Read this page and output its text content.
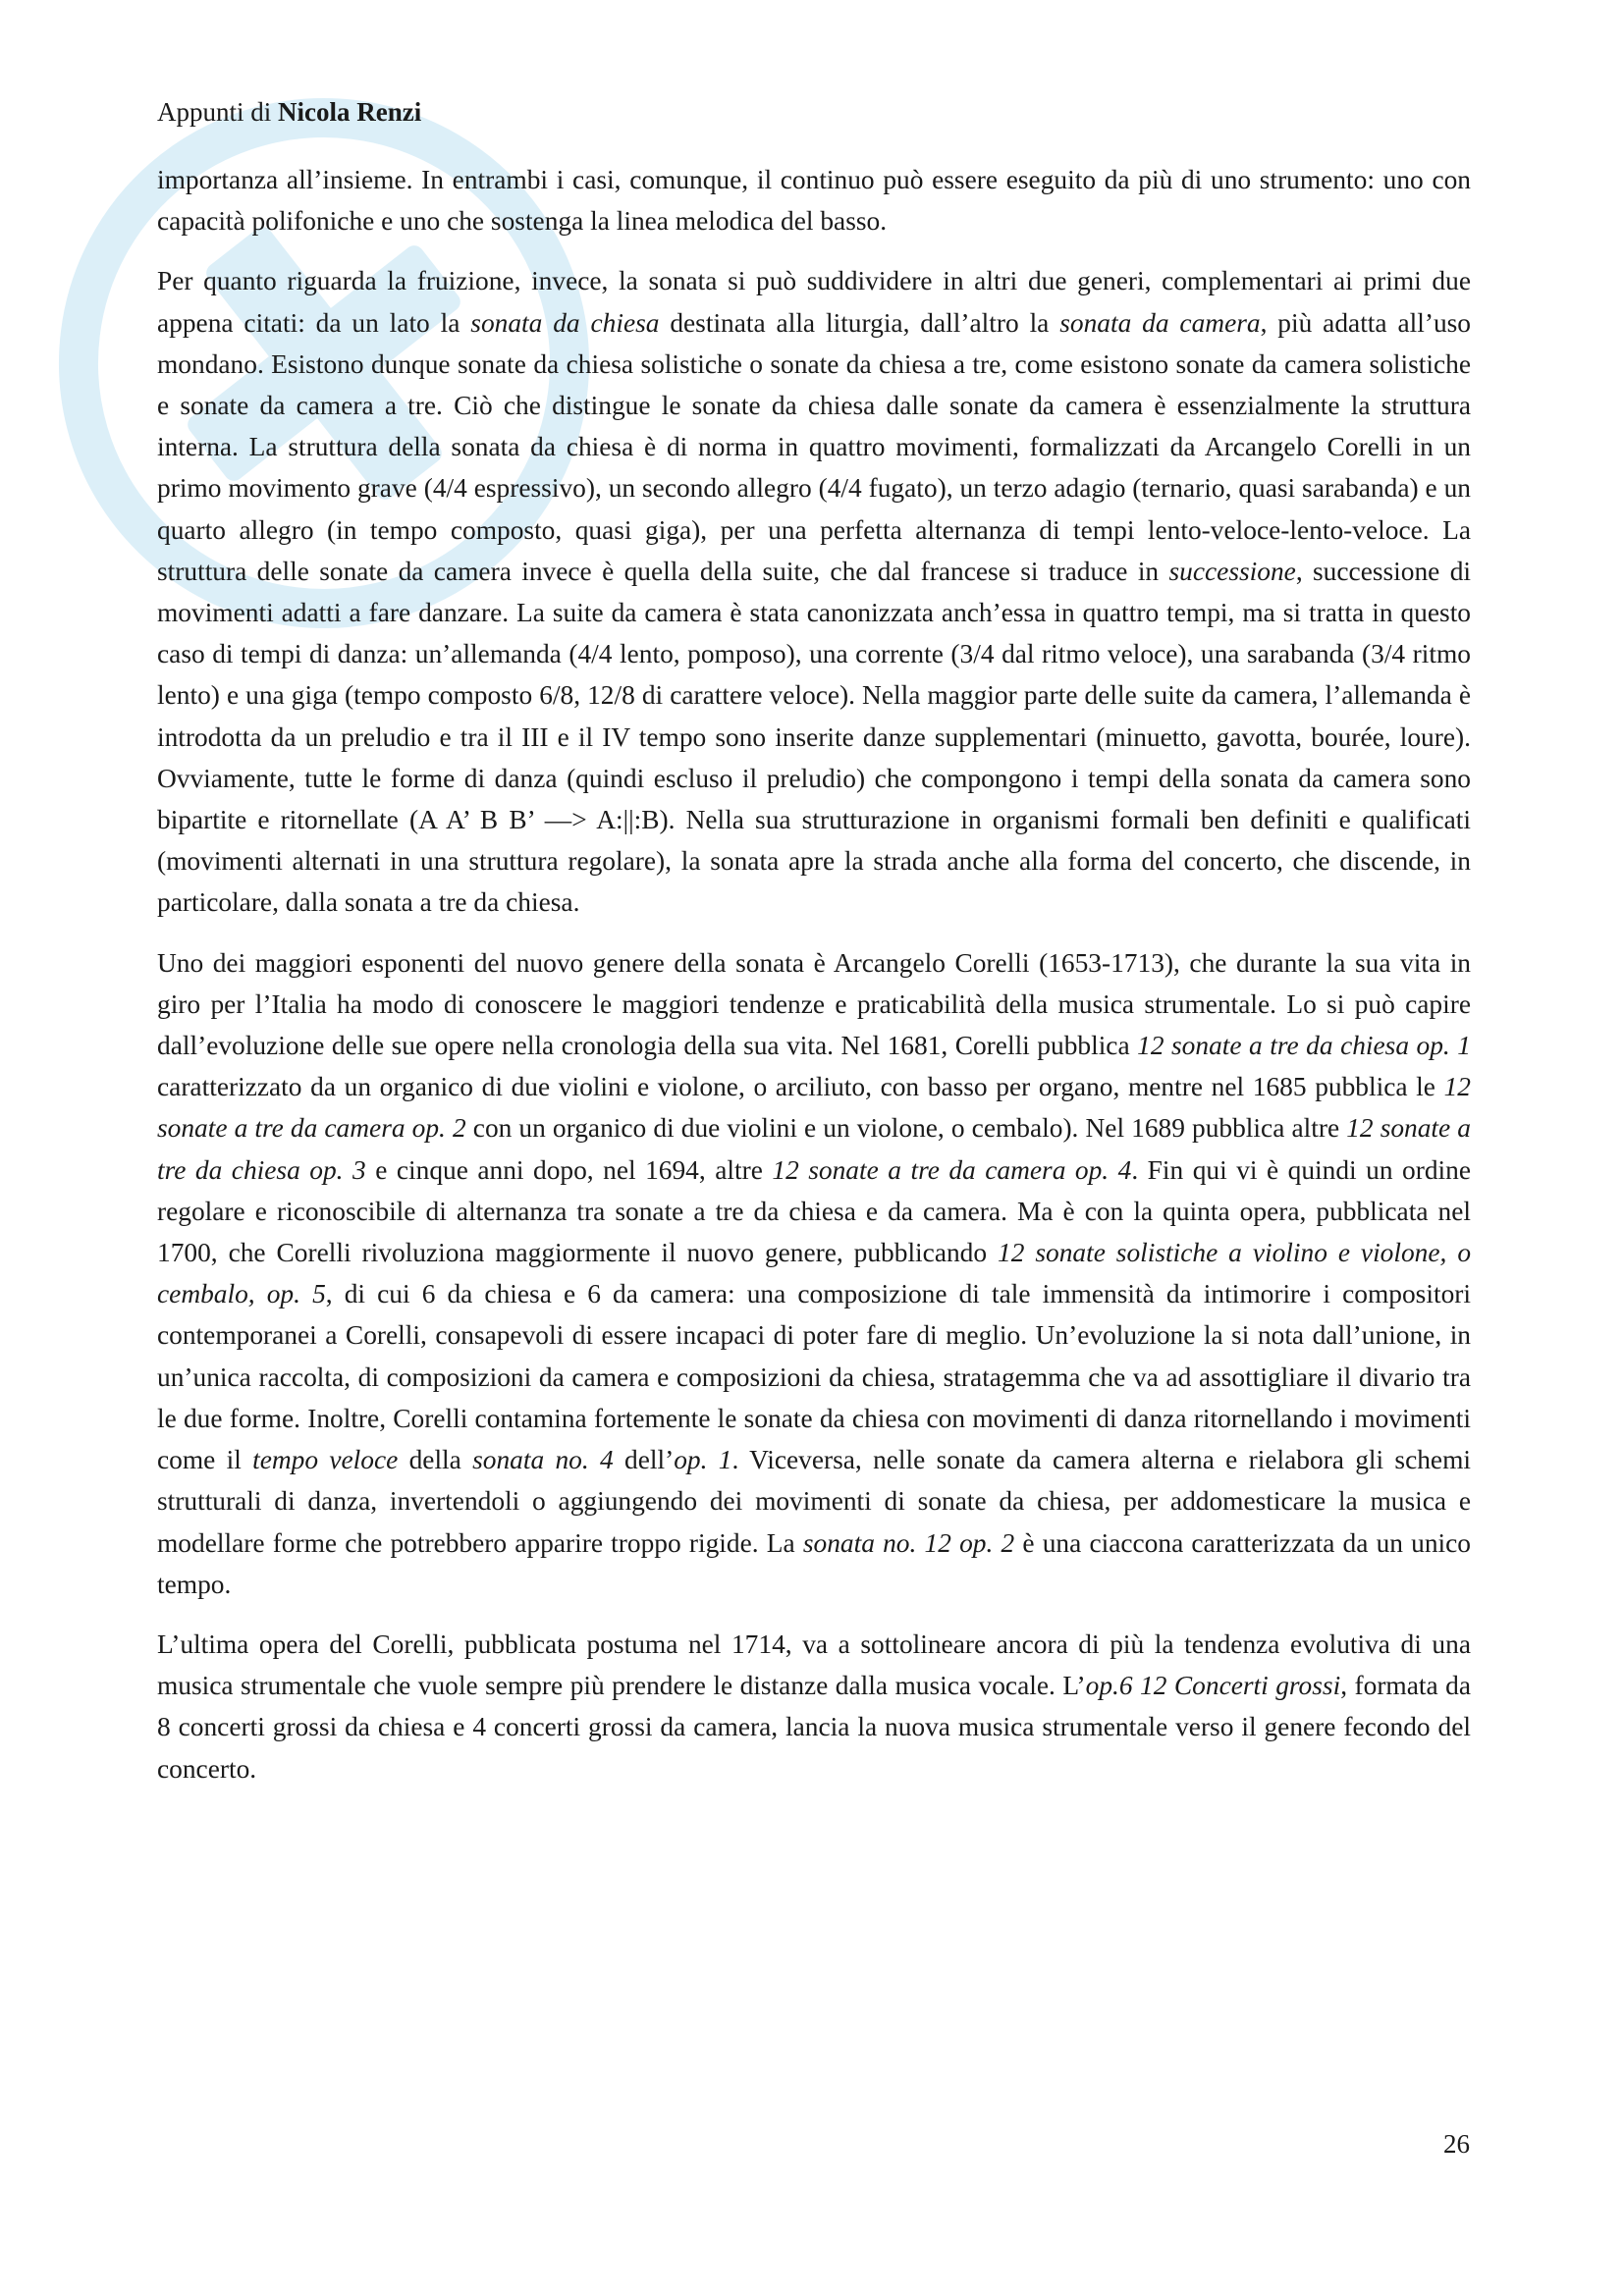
Appunti di Nicola Renzi

importanza all’insieme. In entrambi i casi, comunque, il continuo può essere eseguito da più di uno strumento: uno con capacità polifoniche e uno che sostenga la linea melodica del basso.

Per quanto riguarda la fruizione, invece, la sonata si può suddividere in altri due generi, complementari ai primi due appena citati: da un lato la sonata da chiesa destinata alla liturgia, dall’altro la sonata da camera, più adatta all’uso mondano. Esistono dunque sonate da chiesa solistiche o sonate da chiesa a tre, come esistono sonate da camera solistiche e sonate da camera a tre. Ciò che distingue le sonate da chiesa dalle sonate da camera è essenzialmente la struttura interna. La struttura della sonata da chiesa è di norma in quattro movimenti, formalizzati da Arcangelo Corelli in un primo movimento grave (4/4 espressivo), un secondo allegro (4/4 fugato), un terzo adagio (ternario, quasi sarabanda) e un quarto allegro (in tempo composto, quasi giga), per una perfetta alternanza di tempi lento-veloce-lento-veloce. La struttura delle sonate da camera invece è quella della suite, che dal francese si traduce in successione, successione di movimenti adatti a fare danzare. La suite da camera è stata canonizzata anch’essa in quattro tempi, ma si tratta in questo caso di tempi di danza: un’allemanda (4/4 lento, pomposo), una corrente (3/4 dal ritmo veloce), una sarabanda (3/4 ritmo lento) e una giga (tempo composto 6/8, 12/8 di carattere veloce). Nella maggior parte delle suite da camera, l’allemanda è introdotta da un preludio e tra il III e il IV tempo sono inserite danze supplementari (minuetto, gavotta, bourée, loure). Ovviamente, tutte le forme di danza (quindi escluso il preludio) che compongono i tempi della sonata da camera sono bipartite e ritornellate (A A’ B B’ —> A:||:B). Nella sua strutturazione in organismi formali ben definiti e qualificati (movimenti alternati in una struttura regolare), la sonata apre la strada anche alla forma del concerto, che discende, in particolare, dalla sonata a tre da chiesa.

Uno dei maggiori esponenti del nuovo genere della sonata è Arcangelo Corelli (1653-1713), che durante la sua vita in giro per l’Italia ha modo di conoscere le maggiori tendenze e praticabilità della musica strumentale. Lo si può capire dall’evoluzione delle sue opere nella cronologia della sua vita. Nel 1681, Corelli pubblica 12 sonate a tre da chiesa op. 1 caratterizzato da un organico di due violini e violone, o arciliuto, con basso per organo, mentre nel 1685 pubblica le 12 sonate a tre da camera op. 2 con un organico di due violini e un violone, o cembalo). Nel 1689 pubblica altre 12 sonate a tre da chiesa op. 3 e cinque anni dopo, nel 1694, altre 12 sonate a tre da camera op. 4. Fin qui vi è quindi un ordine regolare e riconoscibile di alternanza tra sonate a tre da chiesa e da camera. Ma è con la quinta opera, pubblicata nel 1700, che Corelli rivoluziona maggiormente il nuovo genere, pubblicando 12 sonate solistiche a violino e violone, o cembalo, op. 5, di cui 6 da chiesa e 6 da camera: una composizione di tale immensità da intimorire i compositori contemporanei a Corelli, consapevoli di essere incapaci di poter fare di meglio. Un’evoluzione la si nota dall’unione, in un’unica raccolta, di composizioni da camera e composizioni da chiesa, stratagemma che va ad assottigliare il divario tra le due forme. Inoltre, Corelli contamina fortemente le sonate da chiesa con movimenti di danza ritornellando i movimenti come il tempo veloce della sonata no. 4 dell’op. 1. Viceversa, nelle sonate da camera alterna e rielabora gli schemi strutturali di danza, invertendoli o aggiungendo dei movimenti di sonate da chiesa, per addomesticare la musica e modellare forme che potrebbero apparire troppo rigide. La sonata no. 12 op. 2 è una ciaccona caratterizzata da un unico tempo.

L’ultima opera del Corelli, pubblicata postuma nel 1714, va a sottolineare ancora di più la tendenza evolutiva di una musica strumentale che vuole sempre più prendere le distanze dalla musica vocale. L’op.6 12 Concerti grossi, formata da 8 concerti grossi da chiesa e 4 concerti grossi da camera, lancia la nuova musica strumentale verso il genere fecondo del concerto.

26
